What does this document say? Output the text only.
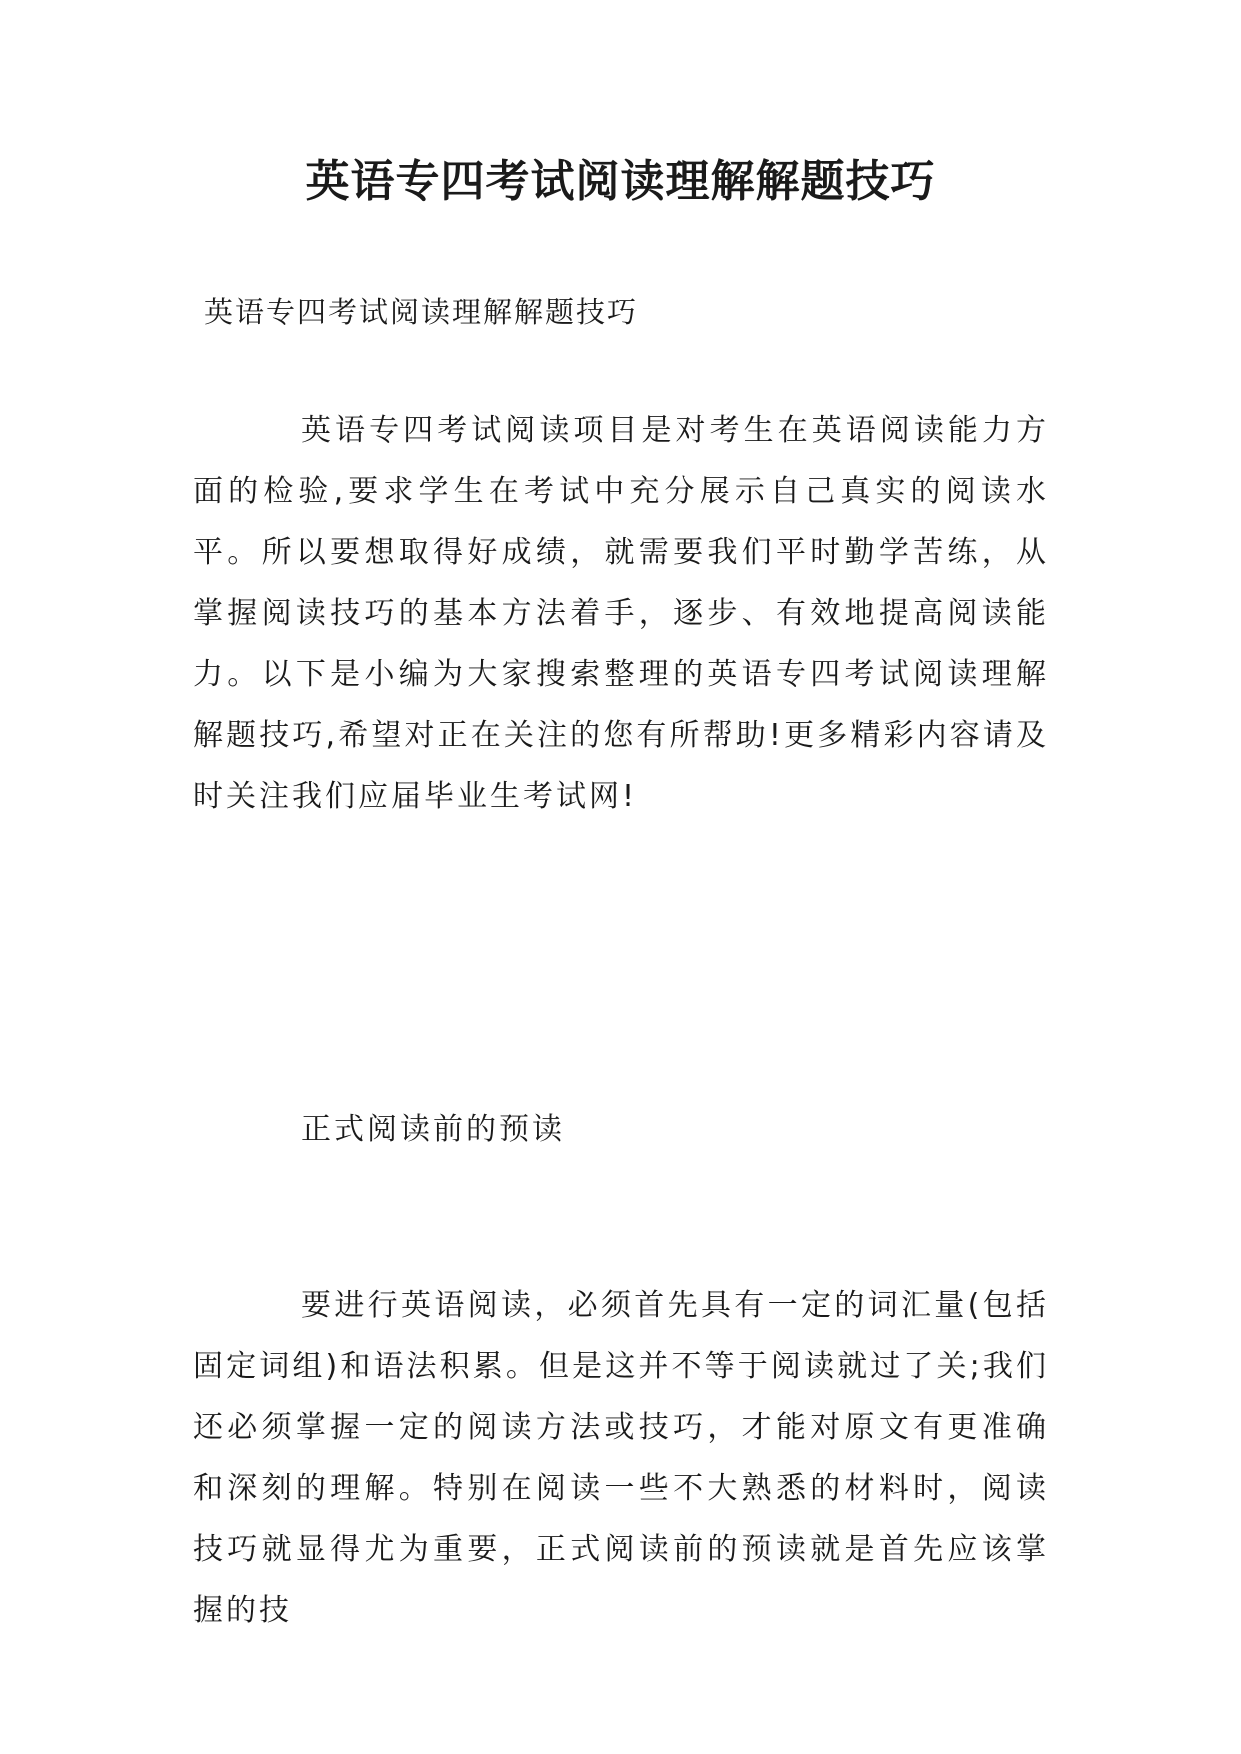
英语专四考试阅读理解解题技巧

英语专四考试阅读理解解题技巧

英语专四考试阅读项目是对考生在英语阅读能力方面的检验,要求学生在考试中充分展示自己真实的阅读水平。所以要想取得好成绩，就需要我们平时勤学苦练，从掌握阅读技巧的基本方法着手，逐步、有效地提高阅读能力。以下是小编为大家搜索整理的英语专四考试阅读理解解题技巧,希望对正在关注的您有所帮助!更多精彩内容请及时关注我们应届毕业生考试网!

正式阅读前的预读

要进行英语阅读，必须首先具有一定的词汇量(包括固定词组)和语法积累。但是这并不等于阅读就过了关;我们还必须掌握一定的阅读方法或技巧，才能对原文有更准确和深刻的理解。特别在阅读一些不大熟悉的材料时，阅读技巧就显得尤为重要，正式阅读前的预读就是首先应该掌握的技
